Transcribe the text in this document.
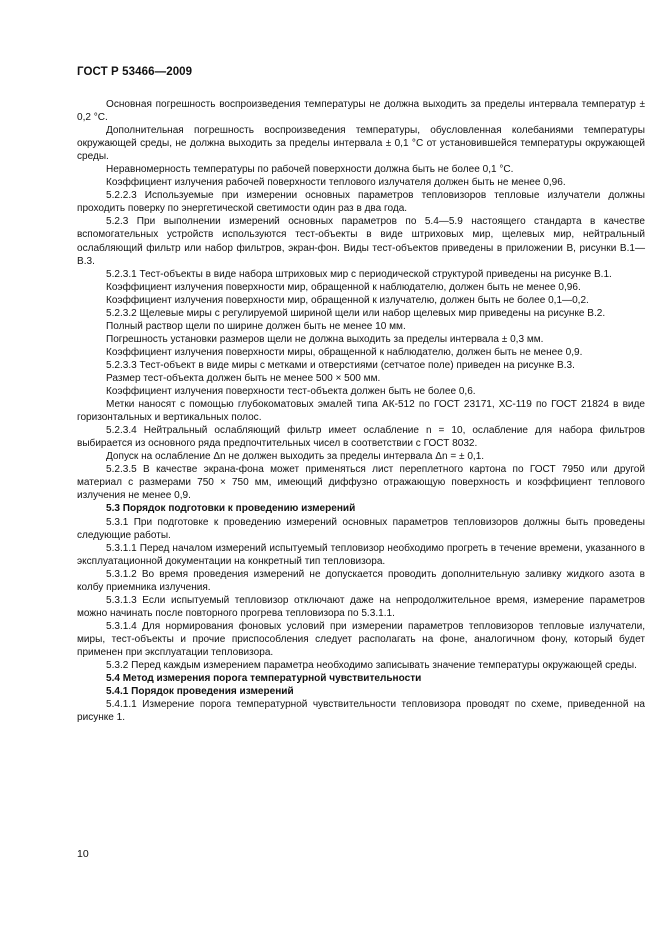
ГОСТ Р 53466—2009

Основная погрешность воспроизведения температуры не должна выходить за пределы интервала температур ± 0,2 °С.

Дополнительная погрешность воспроизведения температуры, обусловленная колебаниями температуры окружающей среды, не должна выходить за пределы интервала ± 0,1 °С от установившейся температуры окружающей среды.

Неравномерность температуры по рабочей поверхности должна быть не более 0,1 °С.

Коэффициент излучения рабочей поверхности теплового излучателя должен быть не менее 0,96.

5.2.2.3 Используемые при измерении основных параметров тепловизоров тепловые излучатели должны проходить поверку по энергетической светимости один раз в два года.

5.2.3 При выполнении измерений основных параметров по 5.4—5.9 настоящего стандарта в качестве вспомогательных устройств используются тест-объекты в виде штриховых мир, щелевых мир, нейтральный ослабляющий фильтр или набор фильтров, экран-фон. Виды тест-объектов приведены в приложении В, рисунки В.1—В.3.

5.2.3.1 Тест-объекты в виде набора штриховых мир с периодической структурой приведены на рисунке В.1.

Коэффициент излучения поверхности мир, обращенной к наблюдателю, должен быть не менее 0,96.

Коэффициент излучения поверхности мир, обращенной к излучателю, должен быть не более 0,1—0,2.

5.2.3.2 Щелевые миры с регулируемой шириной щели или набор щелевых мир приведены на рисунке В.2.

Полный раствор щели по ширине должен быть не менее 10 мм.

Погрешность установки размеров щели не должна выходить за пределы интервала ± 0,3 мм.

Коэффициент излучения поверхности миры, обращенной к наблюдателю, должен быть не менее 0,9.

5.2.3.3 Тест-объект в виде миры с метками и отверстиями (сетчатое поле) приведен на рисунке В.3.

Размер тест-объекта должен быть не менее 500 × 500 мм.

Коэффициент излучения поверхности тест-объекта должен быть не более 0,6.

Метки наносят с помощью глубокоматовых эмалей типа АК-512 по ГОСТ 23171, ХС-119 по ГОСТ 21824 в виде горизонтальных и вертикальных полос.

5.2.3.4 Нейтральный ослабляющий фильтр имеет ослабление n = 10, ослабление для набора фильтров выбирается из основного ряда предпочтительных чисел в соответствии с ГОСТ 8032.

Допуск на ослабление Δn не должен выходить за пределы интервала Δn = ± 0,1.

5.2.3.5 В качестве экрана-фона может применяться лист переплетного картона по ГОСТ 7950 или другой материал с размерами 750 × 750 мм, имеющий диффузно отражающую поверхность и коэффициент теплового излучения не менее 0,9.

5.3 Порядок подготовки к проведению измерений

5.3.1 При подготовке к проведению измерений основных параметров тепловизоров должны быть проведены следующие работы.

5.3.1.1 Перед началом измерений испытуемый тепловизор необходимо прогреть в течение времени, указанного в эксплуатационной документации на конкретный тип тепловизора.

5.3.1.2 Во время проведения измерений не допускается проводить дополнительную заливку жидкого азота в колбу приемника излучения.

5.3.1.3 Если испытуемый тепловизор отключают даже на непродолжительное время, измерение параметров можно начинать после повторного прогрева тепловизора по 5.3.1.1.

5.3.1.4 Для нормирования фоновых условий при измерении параметров тепловизоров тепловые излучатели, миры, тест-объекты и прочие приспособления следует располагать на фоне, аналогичном фону, который будет применен при эксплуатации тепловизора.

5.3.2 Перед каждым измерением параметра необходимо записывать значение температуры окружающей среды.

5.4 Метод измерения порога температурной чувствительности

5.4.1 Порядок проведения измерений

5.4.1.1 Измерение порога температурной чувствительности тепловизора проводят по схеме, приведенной на рисунке 1.

10
